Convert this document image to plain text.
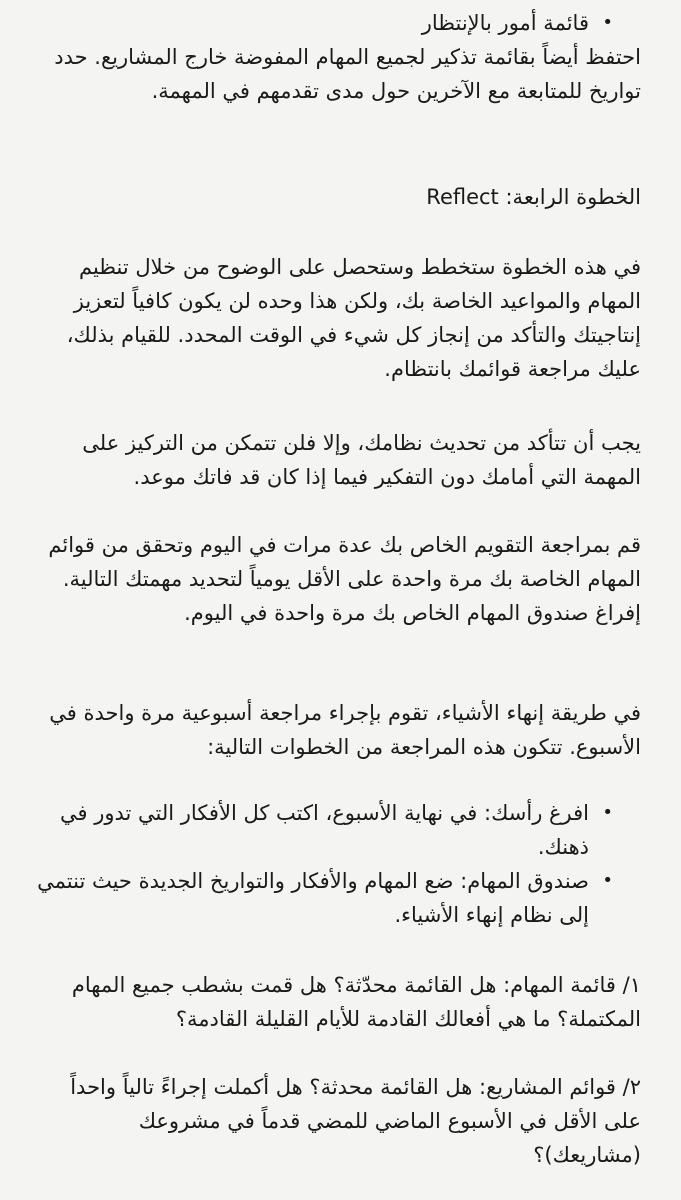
•
قائمة أمور بالإنتظار

احتفظ أيضاً بقائمة تذكير لجميع المهام المفوضة خارج المشاريع. حدد تواريخ للمتابعة مع الآخرين حول مدى تقدمهم في المهمة.

الخطوة الرابعة: Reflect

في هذه الخطوة ستخطط وستحصل على الوضوح من خلال تنظيم المهام والمواعيد الخاصة بك، ولكن هذا وحده لن يكون كافياً لتعزيز إنتاجيتك والتأكد من إنجاز كل شيء في الوقت المحدد. للقيام بذلك، عليك مراجعة قوائمك بانتظام.

يجب أن تتأكد من تحديث نظامك، وإلا فلن تتمكن من التركيز على المهمة التي أمامك دون التفكير فيما إذا كان قد فاتك موعد.

قم بمراجعة التقويم الخاص بك عدة مرات في اليوم وتحقق من قوائم المهام الخاصة بك مرة واحدة على الأقل يومياً لتحديد مهمتك التالية. إفراغ صندوق المهام الخاص بك مرة واحدة في اليوم.

في طريقة إنهاء الأشياء، تقوم بإجراء مراجعة أسبوعية مرة واحدة في الأسبوع. تتكون هذه المراجعة من الخطوات التالية:

•
افرغ رأسك: في نهاية الأسبوع، اكتب كل الأفكار التي تدور في ذهنك.
•
صندوق المهام: ضع المهام والأفكار والتواريخ الجديدة حيث تنتمي إلى نظام إنهاء الأشياء.

١/ قائمة المهام: هل القائمة محدّثة؟ هل قمت بشطب جميع المهام المكتملة؟ ما هي أفعالك القادمة للأيام القليلة القادمة؟

٢/ قوائم المشاريع: هل القائمة محدثة؟ هل أكملت إجراءً تالياً واحداً على الأقل في الأسبوع الماضي للمضي قدماً في مشروعك (مشاريعك)؟
